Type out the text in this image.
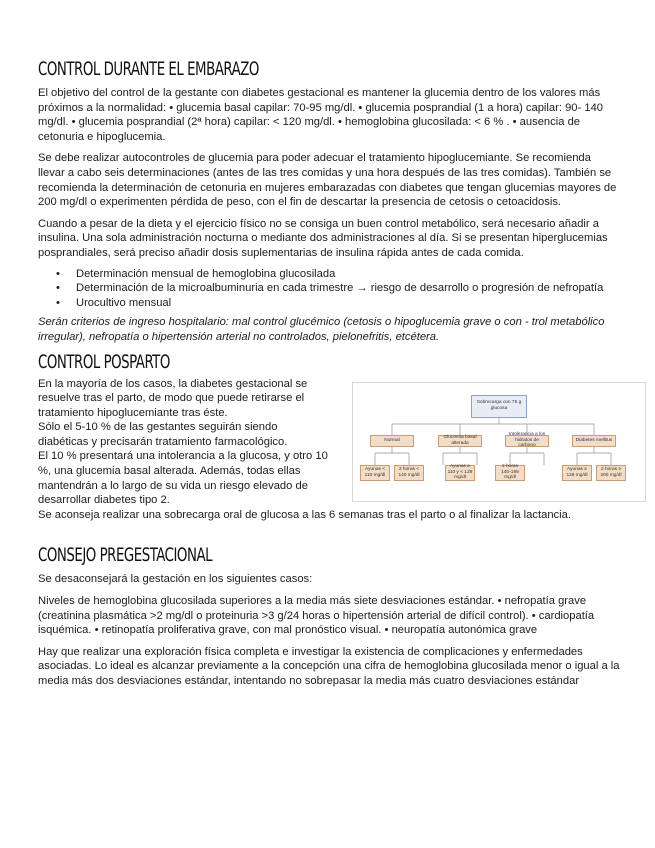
CONTROL DURANTE EL EMBARAZO

El objetivo del control de la gestante con diabetes gestacional es mantener la glucemia dentro de los valores más próximos a la normalidad: • glucemia basal capilar: 70-95 mg/dl. • glucemia posprandial (1 a hora) capilar: 90- 140 mg/dl. • glucemia posprandial (2ª hora) capilar: < 120 mg/dl. • hemoglobina glucosilada: < 6 % . • ausencia de cetonuria e hipoglucemia.

Se debe realizar autocontroles de glucemia para poder adecuar el tratamiento hipoglucemiante. Se recomienda llevar a cabo seis determinaciones (antes de las tres comidas y una hora después de las tres comidas). También se recomienda la determinación de cetonuria en mujeres embarazadas con diabetes que tengan glucemias mayores de 200 mg/dl o experimenten pérdida de peso, con el fin de descartar la presencia de cetosis o cetoacidosis.

Cuando a pesar de la dieta y el ejercicio físico no se consiga un buen control metabólico, será necesario añadir a insulina. Una sola administración nocturna o mediante dos administraciones al día. Si se presentan hiperglucemias posprandiales, será preciso añadir dosis suplementarias de insulina rápida antes de cada comida.

• Determinación mensual de hemoglobina glucosilada
• Determinación de la microalbuminuria en cada trimestre → riesgo de desarrollo o progresión de nefropatía
• Urocultivo mensual

Serán criterios de ingreso hospitalario: mal control glucémico (cetosis o hipoglucemia grave o con - trol metabólico irregular), nefropatía o hipertensión arterial no controlados, pielonefritis, etcétera.

CONTROL POSPARTO

En la mayoría de los casos, la diabetes gestacional se resuelve tras el parto, de modo que puede retirarse el tratamiento hipoglucemiante tras éste.

Sólo el 5-10 % de las gestantes seguirán siendo diabéticas y precisarán tratamiento farmacológico.

El 10 % presentará una intolerancia a la glucosa, y otro 10 %, una glucemia basal alterada. Además, todas ellas mantendrán a lo largo de su vida un riesgo elevado de desarrollar diabetes tipo 2.

Se aconseja realizar una sobrecarga oral de glucosa a las 6 semanas tras el parto o al finalizar la lactancia.

Sobrecarga con 75 g glucosa
Normal
Glucemia basal alterada
Intolerancia a los hidratos de carbono
Diabetes mellitus
Ayunas < 110 mg/dl
2 horas < 140 mg/dl
Ayunas ≥ 110 y < 126 mg/dl
2 horas 140-199 mg/dl
Ayunas ≥ 126 mg/dl
2 horas ≥ 200 mg/dl
CONSEJO PREGESTACIONAL

Se desaconsejará la gestación en los siguientes casos:

Niveles de hemoglobina glucosilada superiores a la media más siete desviaciones estándar. • nefropatía grave (creatinina plasmática >2 mg/dl o proteinuria >3 g/24 horas o hipertensión arterial de difícil control). • cardiopatía isquémica. • retinopatía proliferativa grave, con mal pronóstico visual. • neuropatía autonómica grave

Hay que realizar una exploración física completa e investigar la existencia de complicaciones y enfermedades asociadas. Lo ideal es alcanzar previamente a la concepción una cifra de hemoglobina glucosilada menor o igual a la media más dos desviaciones estándar, intentando no sobrepasar la media más cuatro desviaciones estándar
